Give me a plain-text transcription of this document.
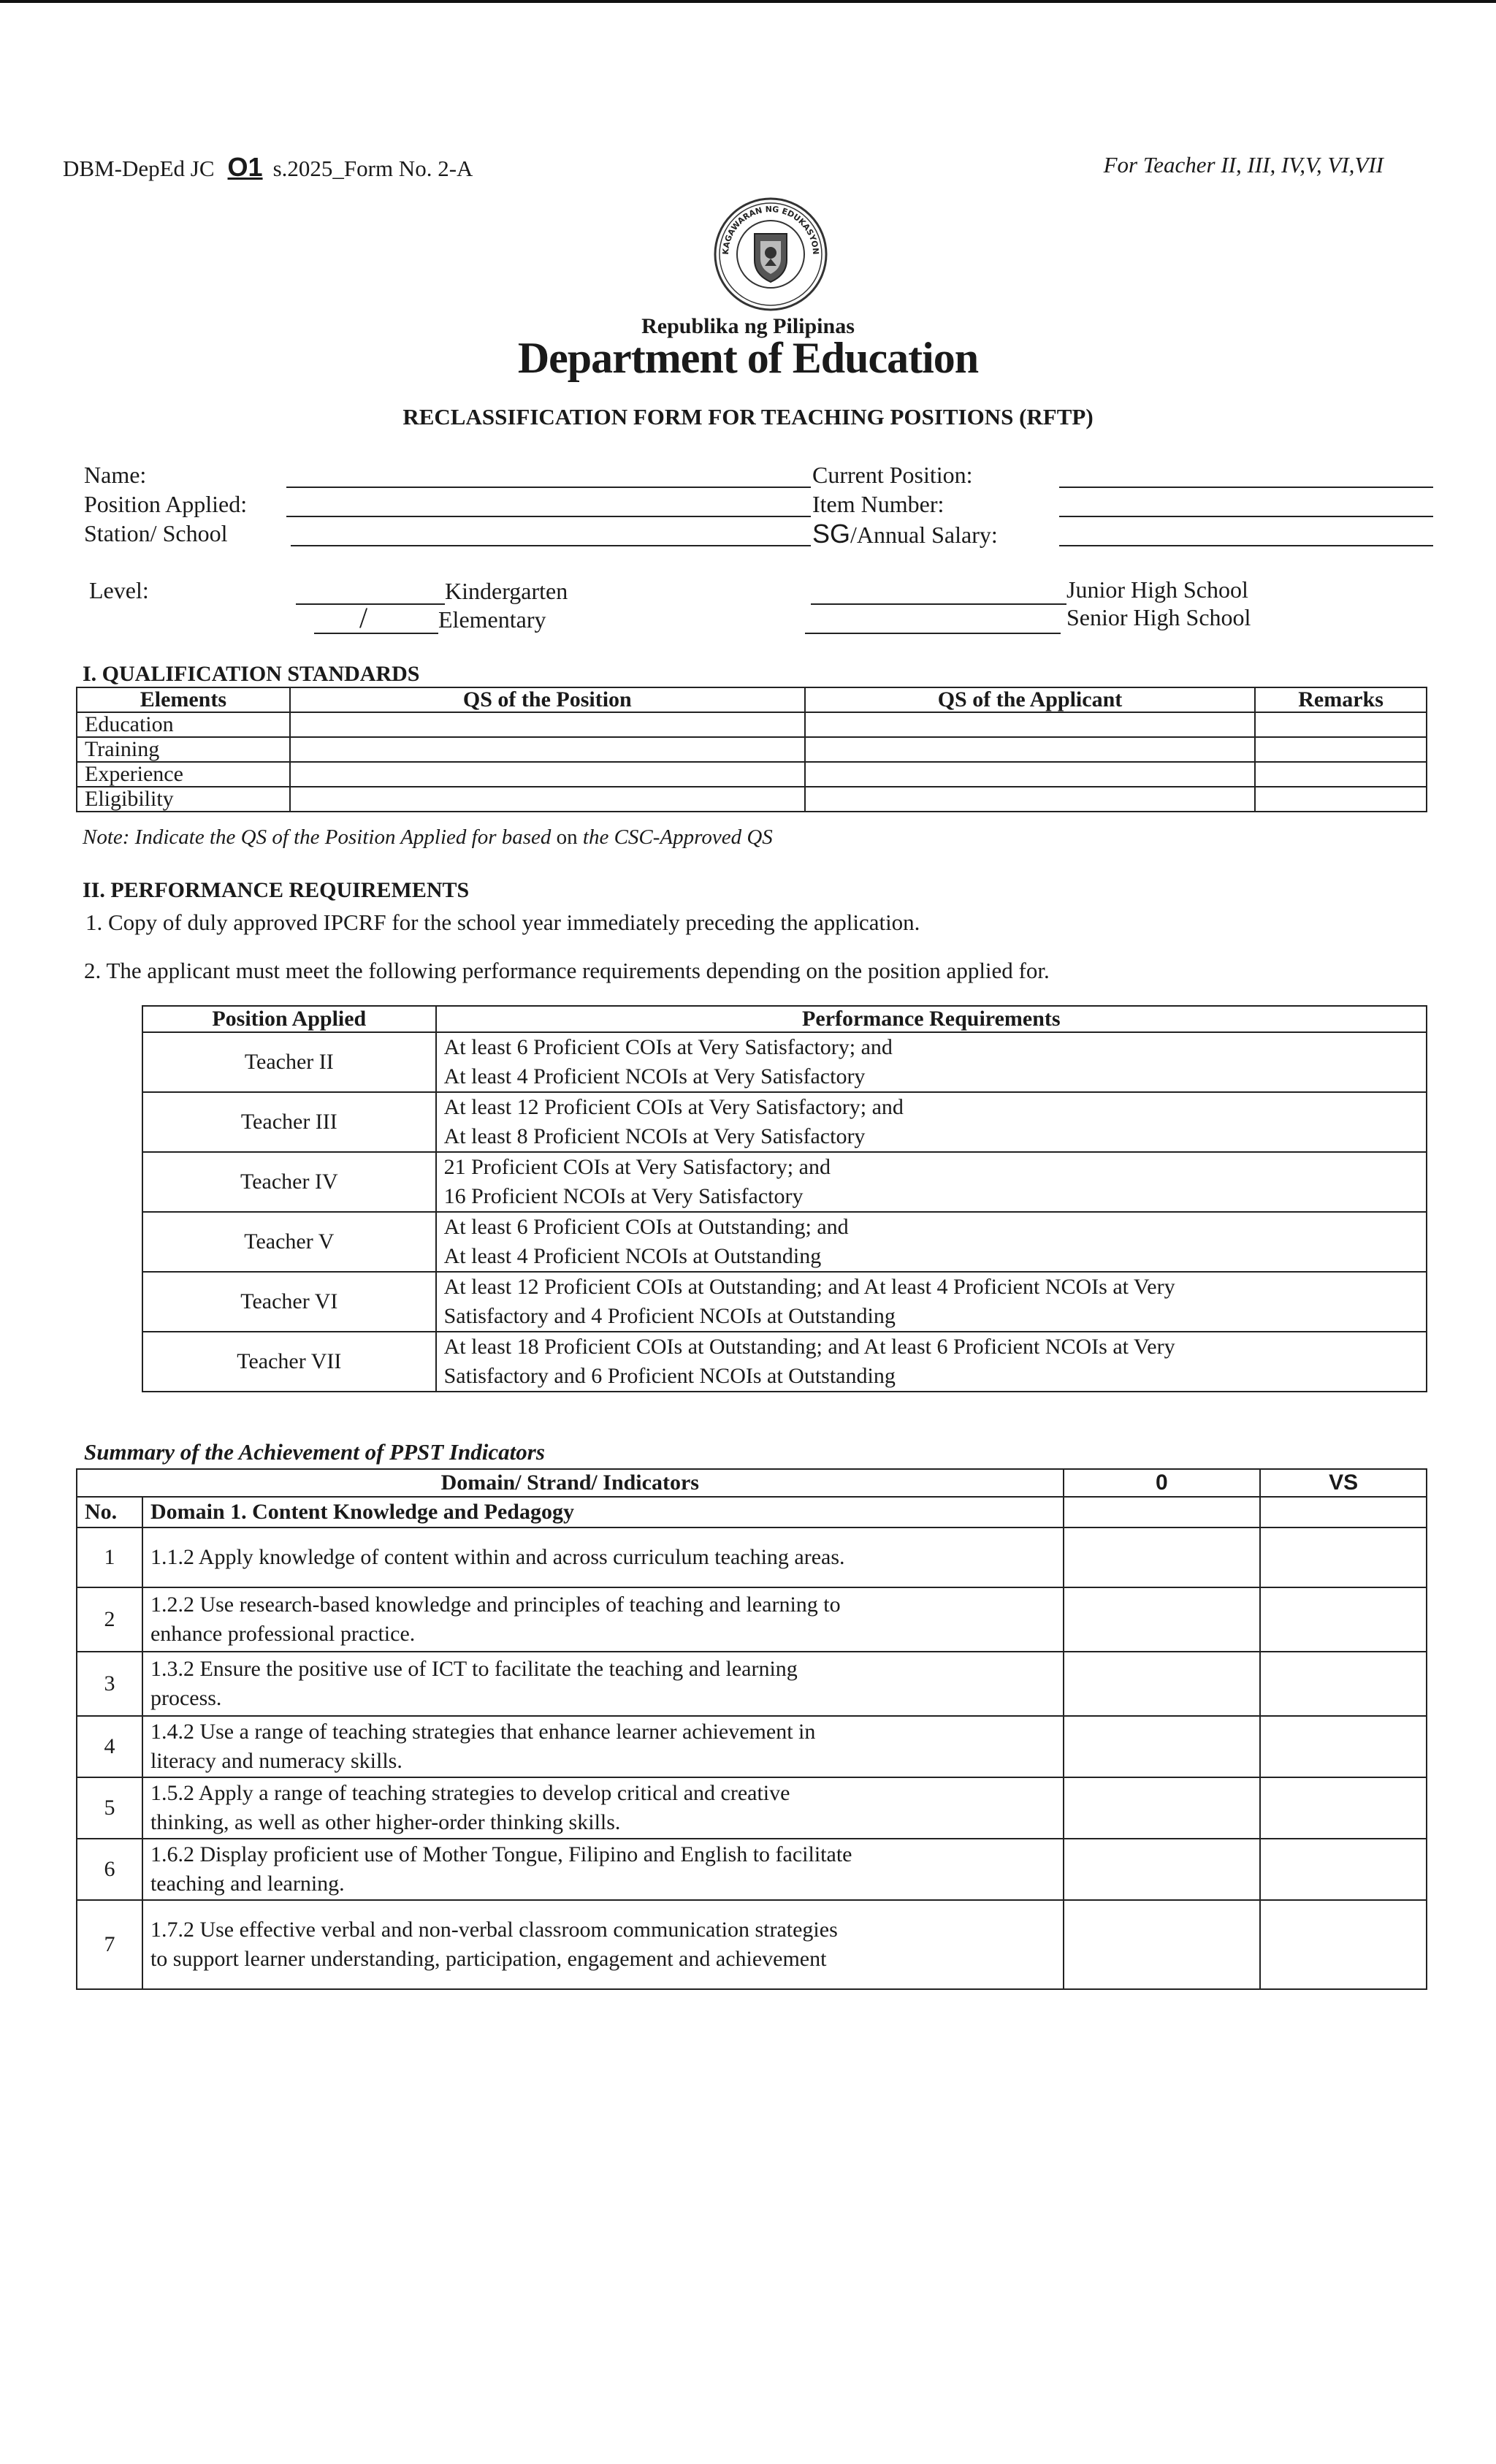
DBM-DepEd JC O1 s.2025_Form No. 2-A	For Teacher II, III, IV,V, VI,VII
KAGAWARAN NG EDUKASYON
Republika ng Pilipinas
Department of Education
RECLASSIFICATION FORM FOR TEACHING POSITIONS (RFTP)
Name:
Position Applied:
Station/ School
Current Position:
Item Number:
SG/Annual Salary:
Level:	Kindergarten
/	Elementary
Junior High School
Senior High School
I. QUALIFICATION STANDARDS
Elements	QS of the Position	QS of the Applicant	Remarks
Education			
Training			
Experience			
Eligibility			
Note: Indicate the QS of the Position Applied for based on the CSC-Approved QS
II. PERFORMANCE REQUIREMENTS
1. Copy of duly approved IPCRF for the school year immediately preceding the application.
2. The applicant must meet the following performance requirements depending on the position applied for.
Position Applied	Performance Requirements
Teacher II	At least 6 Proficient COIs at Very Satisfactory; and
At least 4 Proficient NCOIs at Very Satisfactory

Teacher III	At least 12 Proficient COIs at Very Satisfactory; and
At least 8 Proficient NCOIs at Very Satisfactory

Teacher IV	21 Proficient COIs at Very Satisfactory; and
16 Proficient NCOIs at Very Satisfactory

Teacher V	At least 6 Proficient COIs at Outstanding; and
At least 4 Proficient NCOIs at Outstanding

Teacher VI	At least 12 Proficient COIs at Outstanding; and At least 4 Proficient NCOIs at Very
Satisfactory and 4 Proficient NCOIs at Outstanding

Teacher VII	At least 18 Proficient COIs at Outstanding; and At least 6 Proficient NCOIs at Very
Satisfactory and 6 Proficient NCOIs at Outstanding
Summary of the Achievement of PPST Indicators
Domain/ Strand/ Indicators		0	VS
No.	Domain 1. Content Knowledge and Pedagogy		
1	1.1.2 Apply knowledge of content within and across curriculum teaching areas.		

2	1.2.2 Use research-based knowledge and principles of teaching and learning to
enhance professional practice.		

3	1.3.2 Ensure the positive use of ICT to facilitate the teaching and learning
process.		

4	1.4.2 Use a range of teaching strategies that enhance learner achievement in
literacy and numeracy skills.		

5	1.5.2 Apply a range of teaching strategies to develop critical and creative
thinking, as well as other higher-order thinking skills.		

6	1.6.2 Display proficient use of Mother Tongue, Filipino and English to facilitate
teaching and learning.		

7	1.7.2 Use effective verbal and non-verbal classroom communication strategies
to support learner understanding, participation, engagement and achievement		
